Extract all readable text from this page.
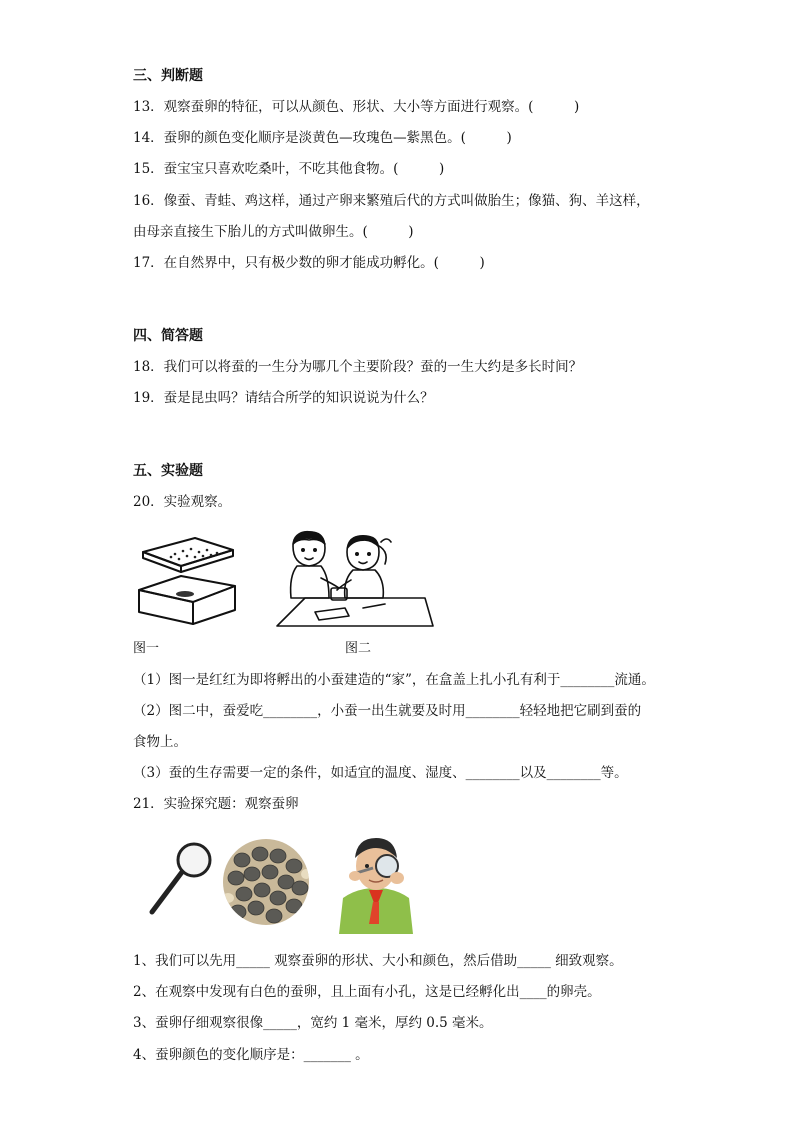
三、判断题
13．观察蚕卵的特征，可以从颜色、形状、大小等方面进行观察。(　　　)
14．蚕卵的颜色变化顺序是淡黄色—玫瑰色—紫黑色。(　　　)
15．蚕宝宝只喜欢吃桑叶，不吃其他食物。(　　　)
16．像蚕、青蛙、鸡这样，通过产卵来繁殖后代的方式叫做胎生；像猫、狗、羊这样，
由母亲直接生下胎儿的方式叫做卵生。(　　　)
17．在自然界中，只有极少数的卵才能成功孵化。(　　　)
四、简答题
18．我们可以将蚕的一生分为哪几个主要阶段？蚕的一生大约是多长时间？
19．蚕是昆虫吗？请结合所学的知识说说为什么？
五、实验题
20．实验观察。
图一	图二
（1）图一是红红为即将孵出的小蚕建造的“家”，在盒盖上扎小孔有利于________流通。
（2）图二中，蚕爱吃________，小蚕一出生就要及时用________轻轻地把它刷到蚕的
食物上。
（3）蚕的生存需要一定的条件，如适宜的温度、湿度、________以及________等。
21．实验探究题：观察蚕卵
1、我们可以先用_____ 观察蚕卵的形状、大小和颜色，然后借助_____ 细致观察。
2、在观察中发现有白色的蚕卵，且上面有小孔，这是已经孵化出____的卵壳。
3、蚕卵仔细观察很像_____，宽约 1 毫米，厚约 0.5 毫米。
4、蚕卵颜色的变化顺序是：_______ 。
